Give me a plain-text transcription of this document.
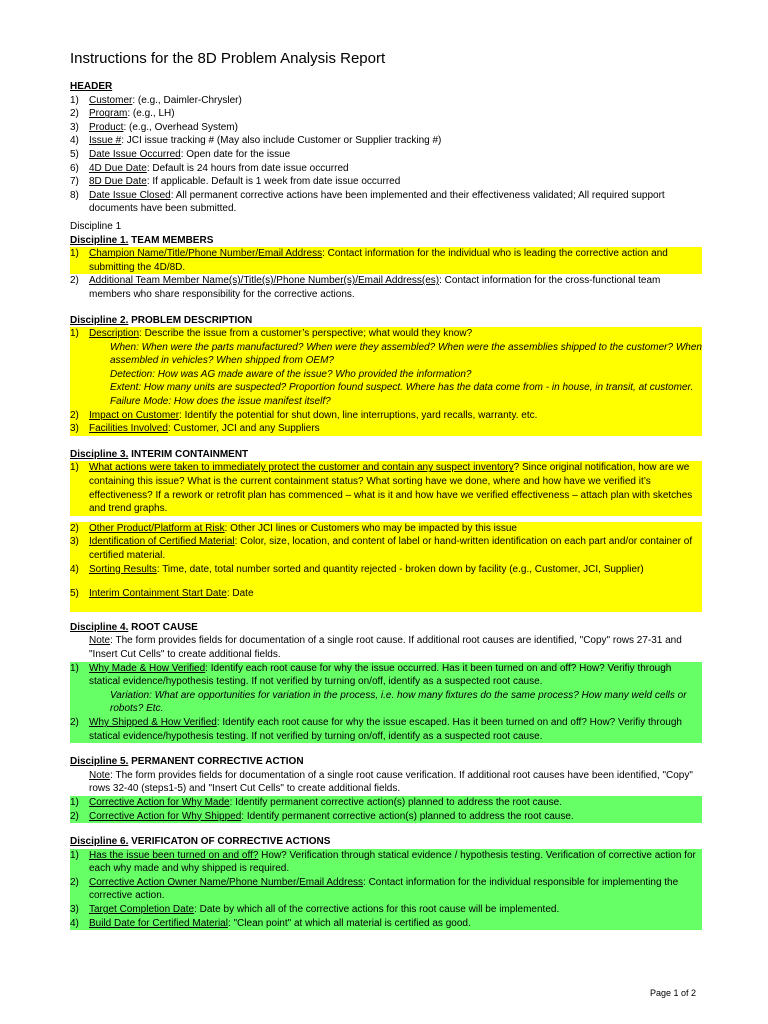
Instructions for the 8D Problem Analysis Report
HEADER
1)	Customer: (e.g., Daimler-Chrysler)
2)	Program: (e.g., LH)
3)	Product: (e.g., Overhead System)
4)	Issue #: JCI issue tracking # (May also include Customer or Supplier tracking #)
5)	Date Issue Occurred: Open date for the issue
6)	4D Due Date: Default is 24 hours from date issue occurred
7)	8D Due Date: If applicable. Default is 1 week from date issue occurred
8)	Date Issue Closed: All permanent corrective actions have been implemented and their effectiveness validated; All required support documents have been submitted.
Discipline 1
Discipline 1. TEAM MEMBERS
1)	Champion Name/Title/Phone Number/Email Address: Contact information for the individual who is leading the corrective action and submitting the 4D/8D.
2)	Additional Team Member Name(s)/Title(s)/Phone Number(s)/Email Address(es): Contact information for the cross-functional team members who share responsibility for the corrective actions.
Discipline 2. PROBLEM DESCRIPTION
1)	Description: Describe the issue from a customer’s perspective; what would they know?
When: When were the parts manufactured? When were they assembled? When were the assemblies shipped to the customer? When assembled in vehicles? When shipped from OEM?
Detection: How was AG made aware of the issue? Who provided the information?
Extent: How many units are suspected? Proportion found suspect. Where has the data come from - in house, in transit, at customer.
Failure Mode: How does the issue manifest itself?
2)	Impact on Customer: Identify the potential for shut down, line interruptions, yard recalls, warranty. etc.
3)	Facilities Involved: Customer, JCI and any Suppliers
Discipline 3. INTERIM CONTAINMENT
1)	What actions were taken to immediately protect the customer and contain any suspect inventory? Since original notification, how are we containing this issue? What is the current containment status? What sorting have we done, where and how have we verified it’s effectiveness? If a rework or retrofit plan has commenced – what is it and how have we verified effectiveness – attach plan with sketches and trend graphs.
2)	Other Product/Platform at Risk: Other JCI lines or Customers who may be impacted by this issue
3)	Identification of Certified Material: Color, size, location, and content of label or hand-written identification on each part and/or container of certified material.
4)	Sorting Results: Time, date, total number sorted and quantity rejected - broken down by facility (e.g., Customer, JCI, Supplier)
5)	Interim Containment Start Date: Date
Discipline 4. ROOT CAUSE
Note: The form provides fields for documentation of a single root cause. If additional root causes are identified, "Copy" rows 27-31 and "Insert Cut Cells" to create additional fields.
1)	Why Made & How Verified: Identify each root cause for why the issue occurred. Has it been turned on and off? How? Verifiy through statical evidence/hypothesis testing. If not verified by turning on/off, identify as a suspected root cause.
Variation: What are opportunities for variation in the process, i.e. how many fixtures do the same process? How many weld cells or robots? Etc.
2)	Why Shipped & How Verified: Identify each root cause for why the issue escaped. Has it been turned on and off? How? Verifiy through statical evidence/hypothesis testing. If not verified by turning on/off, identify as a suspected root cause.
Discipline 5. PERMANENT CORRECTIVE ACTION
Note: The form provides fields for documentation of a single root cause verification. If additional root causes have been identified, "Copy" rows 32-40 (steps1-5) and "Insert Cut Cells" to create additional fields.
1)	Corrective Action for Why Made: Identify permanent corrective action(s) planned to address the root cause.
2)	Corrective Action for Why Shipped: Identify permanent corrective action(s) planned to address the root cause.
Discipline 6. VERIFICATON OF CORRECTIVE ACTIONS
1)	Has the issue been turned on and off? How? Verification through statical evidence / hypothesis testing. Verification of corrective action for each why made and why shipped is required.
2)	Corrective Action Owner Name/Phone Number/Email Address: Contact information for the individual responsible for implementing the corrective action.
3)	Target Completion Date: Date by which all of the corrective actions for this root cause will be implemented.
4)	Build Date for Certified Material: "Clean point" at which all material is certified as good.
Page 1 of 2
